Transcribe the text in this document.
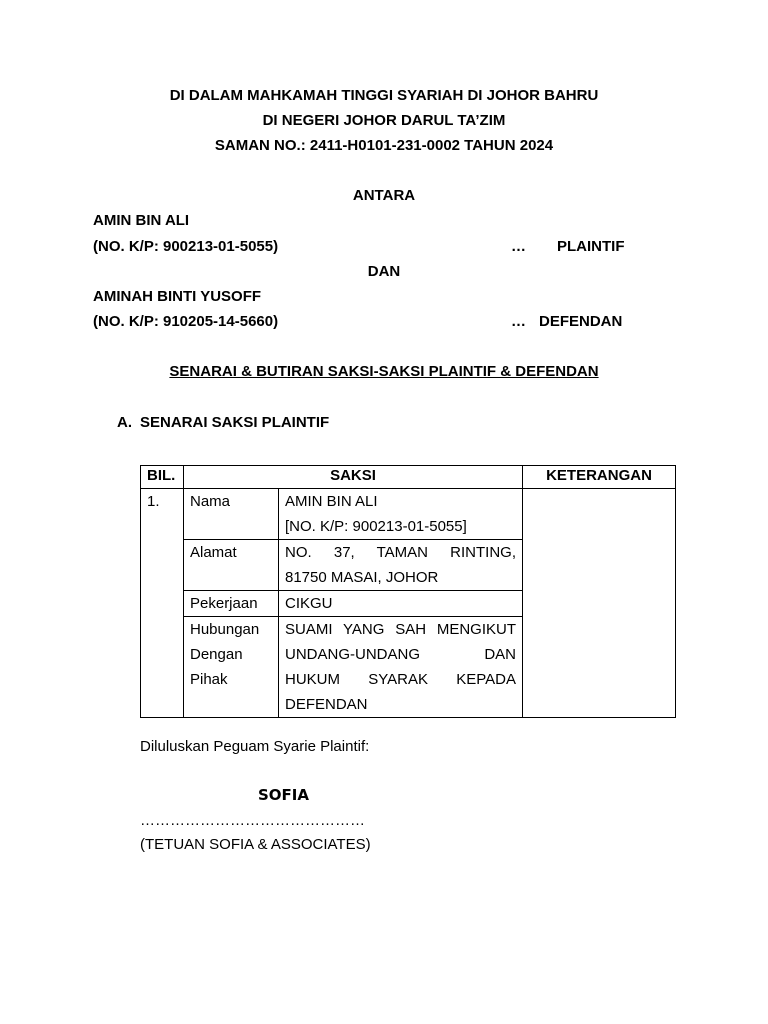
DI DALAM MAHKAMAH TINGGI SYARIAH DI JOHOR BAHRU
DI NEGERI JOHOR DARUL TA’ZIM
SAMAN NO.: 2411-H0101-231-0002 TAHUN 2024
ANTARA
AMIN BIN ALI
(NO. K/P: 900213-01-5055)	… PLAINTIF
DAN
AMINAH BINTI YUSOFF
(NO. K/P: 910205-14-5660)	… DEFENDAN
SENARAI & BUTIRAN SAKSI-SAKSI PLAINTIF & DEFENDAN
A. SENARAI SAKSI PLAINTIF
BIL.	SAKSI		KETERANGAN
1.	Nama	AMIN BIN ALI
[NO. K/P: 900213-01-5055]	

	Alamat	NO. 37, TAMAN RINTING,
81750 MASAI, JOHOR	

	Pekerjaan	CIKGU	

	Hubungan
Dengan
Pihak	SUAMI YANG SAH MENGIKUT
UNDANG-UNDANG DAN
HUKUM SYARAK KEPADA
DEFENDAN	
Diluluskan Peguam Syarie Plaintif:
SOFIA
………………………………………
(TETUAN SOFIA & ASSOCIATES)
